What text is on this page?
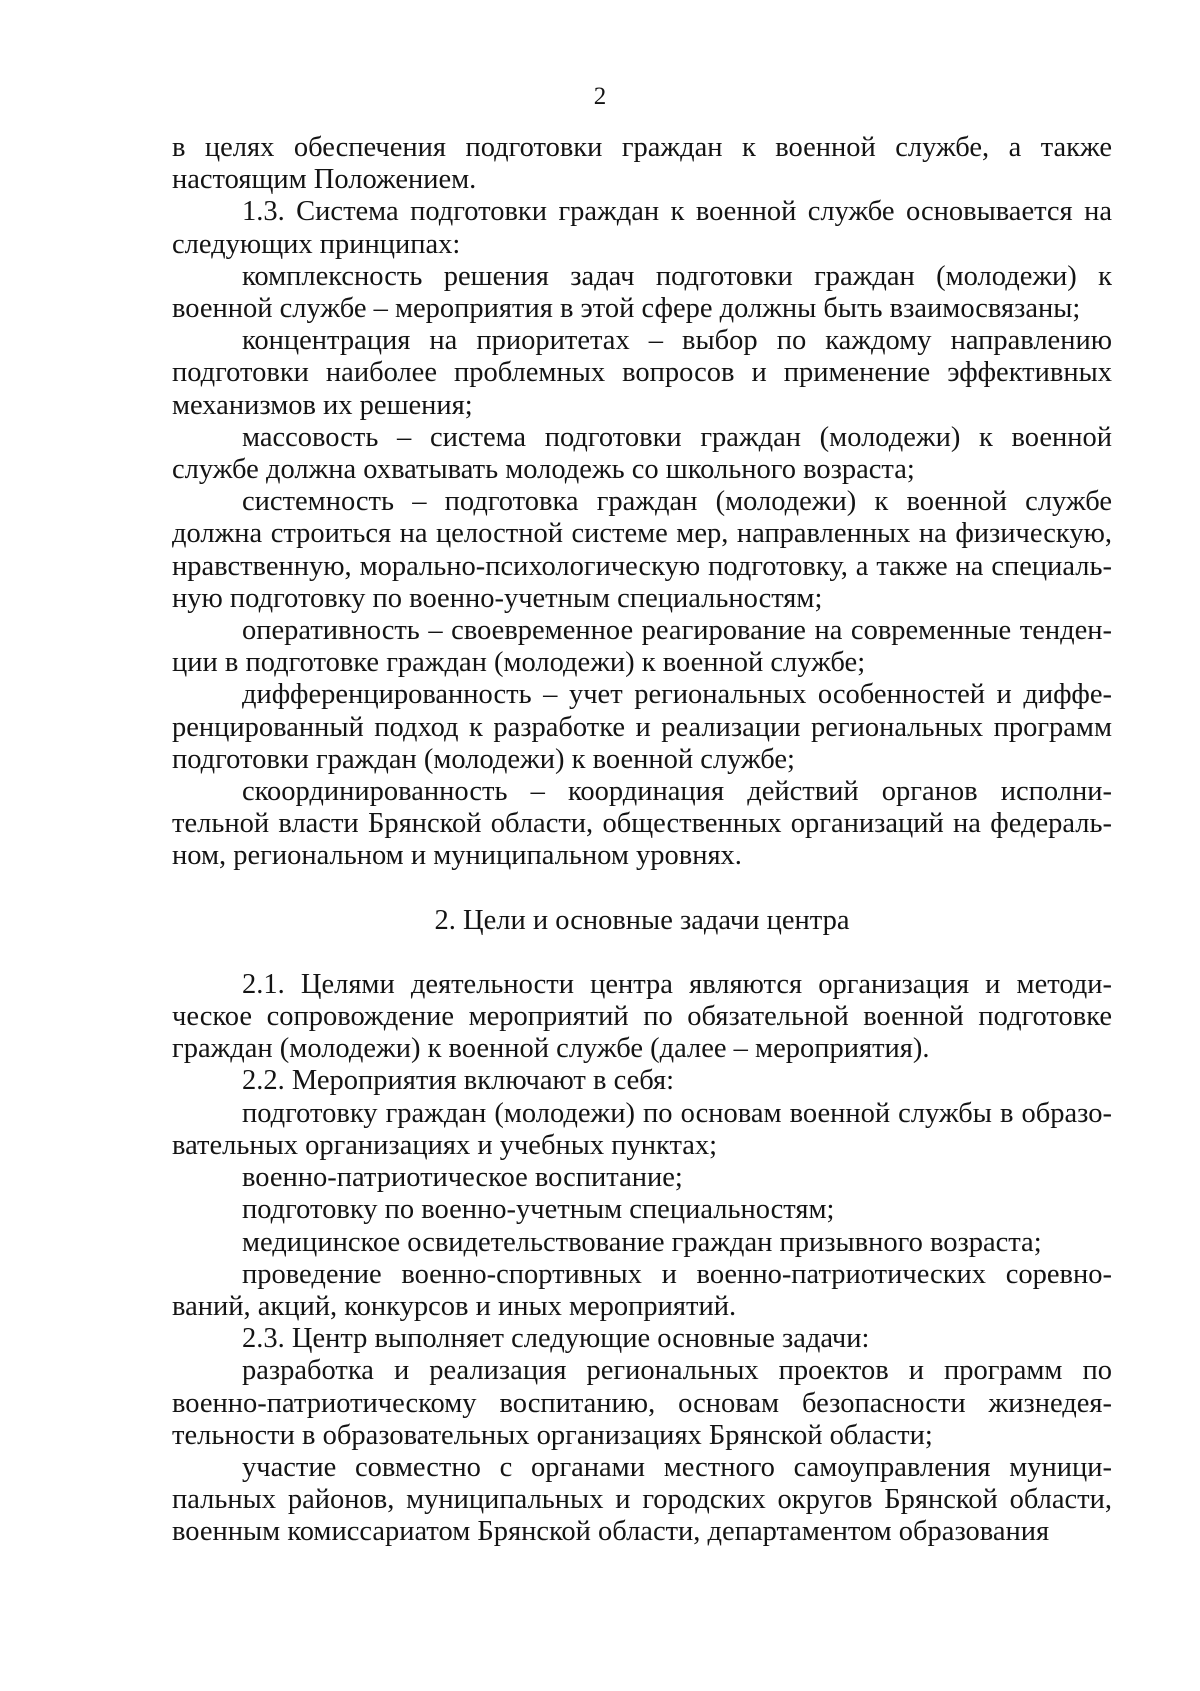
2

в целях обеспечения подготовки граждан к военной службе, а также настоящим Положением.

1.3. Система подготовки граждан к военной службе основывается на следующих принципах:

комплексность решения задач подготовки граждан (молодежи) к военной службе – мероприятия в этой сфере должны быть взаимосвязаны;

концентрация на приоритетах – выбор по каждому направлению подготовки наиболее проблемных вопросов и применение эффективных механизмов их решения;

массовость – система подготовки граждан (молодежи) к военной службе должна охватывать молодежь со школьного возраста;

системность – подготовка граждан (молодежи) к военной службе должна строиться на целостной системе мер, направленных на физическую, нравственную, морально-психологическую подготовку, а также на специальную подготовку по военно-учетным специальностям;

оперативность – своевременное реагирование на современные тенденции в подготовке граждан (молодежи) к военной службе;

дифференцированность – учет региональных особенностей и дифференцированный подход к разработке и реализации региональных программ подготовки граждан (молодежи) к военной службе;

скоординированность – координация действий органов исполнительной власти Брянской области, общественных организаций на федеральном, региональном и муниципальном уровнях.

2. Цели и основные задачи центра

2.1. Целями деятельности центра являются организация и методическое сопровождение мероприятий по обязательной военной подготовке граждан (молодежи) к военной службе (далее – мероприятия).

2.2. Мероприятия включают в себя:

подготовку граждан (молодежи) по основам военной службы в образовательных организациях и учебных пунктах;

военно-патриотическое воспитание;

подготовку по военно-учетным специальностям;

медицинское освидетельствование граждан призывного возраста;

проведение военно-спортивных и военно-патриотических соревнований, акций, конкурсов и иных мероприятий.

2.3. Центр выполняет следующие основные задачи:

разработка и реализация региональных проектов и программ по военно-патриотическому воспитанию, основам безопасности жизнедеятельности в образовательных организациях Брянской области;

участие совместно с органами местного самоуправления муниципальных районов, муниципальных и городских округов Брянской области, военным комиссариатом Брянской области, департаментом образования
